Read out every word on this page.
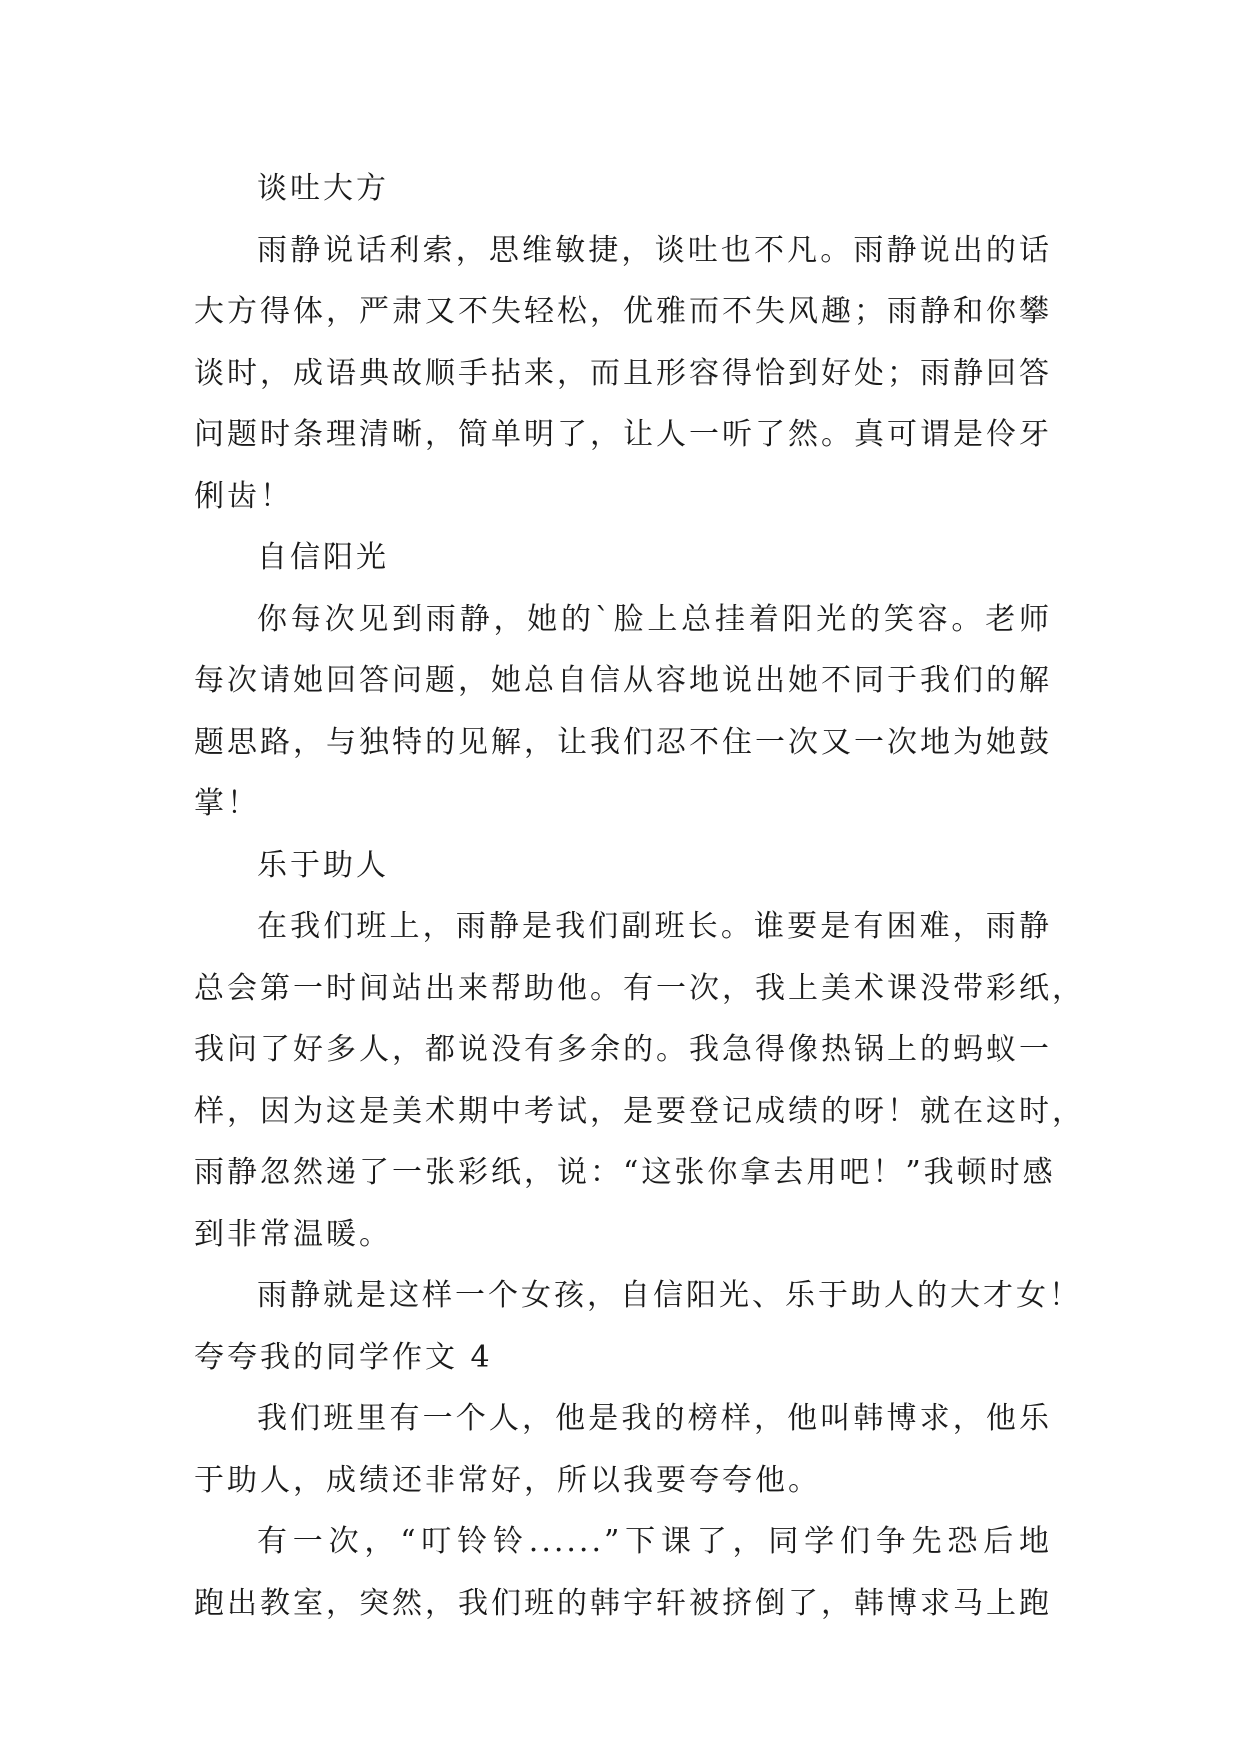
谈吐大方
雨静说话利索，思维敏捷，谈吐也不凡。雨静说出的话
大方得体，严肃又不失轻松，优雅而不失风趣；雨静和你攀
谈时，成语典故顺手拈来，而且形容得恰到好处；雨静回答
问题时条理清晰，简单明了，让人一听了然。真可谓是伶牙
俐齿！
自信阳光
你每次见到雨静，她的`脸上总挂着阳光的笑容。老师
每次请她回答问题，她总自信从容地说出她不同于我们的解
题思路，与独特的见解，让我们忍不住一次又一次地为她鼓
掌！
乐于助人
在我们班上，雨静是我们副班长。谁要是有困难，雨静
总会第一时间站出来帮助他。有一次，我上美术课没带彩纸，
我问了好多人，都说没有多余的。我急得像热锅上的蚂蚁一
样，因为这是美术期中考试，是要登记成绩的呀！就在这时，
雨静忽然递了一张彩纸，说：“这张你拿去用吧！”我顿时感
到非常温暖。
雨静就是这样一个女孩，自信阳光、乐于助人的大才女！
夸夸我的同学作文 4
我们班里有一个人，他是我的榜样，他叫韩博求，他乐
于助人，成绩还非常好，所以我要夸夸他。
有一次，“叮铃铃......”下课了，同学们争先恐后地
跑出教室，突然，我们班的韩宇轩被挤倒了，韩博求马上跑
